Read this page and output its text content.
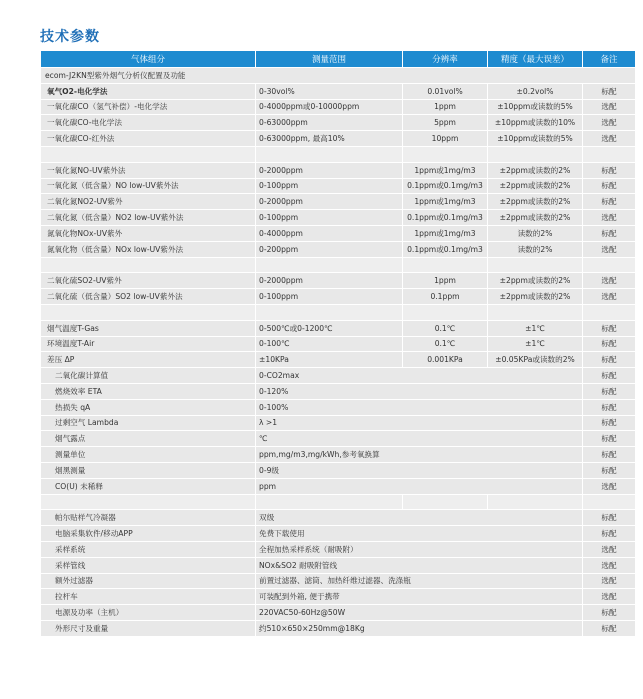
技术参数
气体组分	测量范围	分辨率	精度（最大误差）	备注
ecom-J2KN型紫外烟气分析仪配置及功能				
氧气O2-电化学法	0-30vol%	0.01vol%	±0.2vol%	标配
一氧化碳CO（氢气补偿）-电化学法	0-4000ppm或0-10000ppm	1ppm	±10ppm或读数的5%	选配
一氧化碳CO-电化学法	0-63000ppm	5ppm	±10ppm或读数的10%	选配
一氧化碳CO-红外法	0-63000ppm, 最高10%	10ppm	±10ppm或读数的5%	选配

一氧化氮NO-UV紫外法	0-2000ppm	1ppm或1mg/m3	±2ppm或读数的2%	标配
一氧化氮（低含量）NO low-UV紫外法	0-100ppm	0.1ppm或0.1mg/m3	±2ppm或读数的2%	标配
二氧化氮NO2-UV紫外	0-2000ppm	1ppm或1mg/m3	±2ppm或读数的2%	标配
二氧化氮（低含量）NO2 low-UV紫外法	0-100ppm	0.1ppm或0.1mg/m3	±2ppm或读数的2%	选配
氮氧化物NOx-UV紫外	0-4000ppm	1ppm或1mg/m3	读数的2%	标配
氮氧化物（低含量）NOx low-UV紫外法	0-200ppm	0.1ppm或0.1mg/m3	读数的2%	选配

二氧化硫SO2-UV紫外	0-2000ppm	1ppm	±2ppm或读数的2%	选配
二氧化硫（低含量）SO2 low-UV紫外法	0-100ppm	0.1ppm	±2ppm或读数的2%	选配

烟气温度T-Gas	0-500℃或0-1200℃	0.1℃	±1℃	标配
环境温度T-Air	0-100℃	0.1℃	±1℃	标配
差压 ΔP	±10KPa	0.001KPa	±0.05KPa或读数的2%	标配
二氧化碳计算值	0-CO2max			标配
燃烧效率 ETA	0-120%			标配
热损失 qA	0-100%			标配
过剩空气 Lambda	λ >1			标配
烟气露点	℃			标配
测量单位	ppm,mg/m3,mg/kWh,参考氧换算			标配
烟黑测量	0-9级			标配
CO(U) 未稀释	ppm			选配

帕尔贴样气冷凝器	双级			标配
电脑采集软件/移动APP	免费下载使用			标配
采样系统	全程加热采样系统（耐吸附）			选配
采样管线	NOx&SO2 耐吸附管线			选配
额外过滤器	前置过滤器、滤筒、加热纤维过滤器、洗涤瓶			选配
拉杆车	可装配到外箱, 便于携带			选配
电源及功率（主机）	220VAC50-60Hz@50W			标配
外形尺寸及重量	约510×650×250mm@18Kg			标配
